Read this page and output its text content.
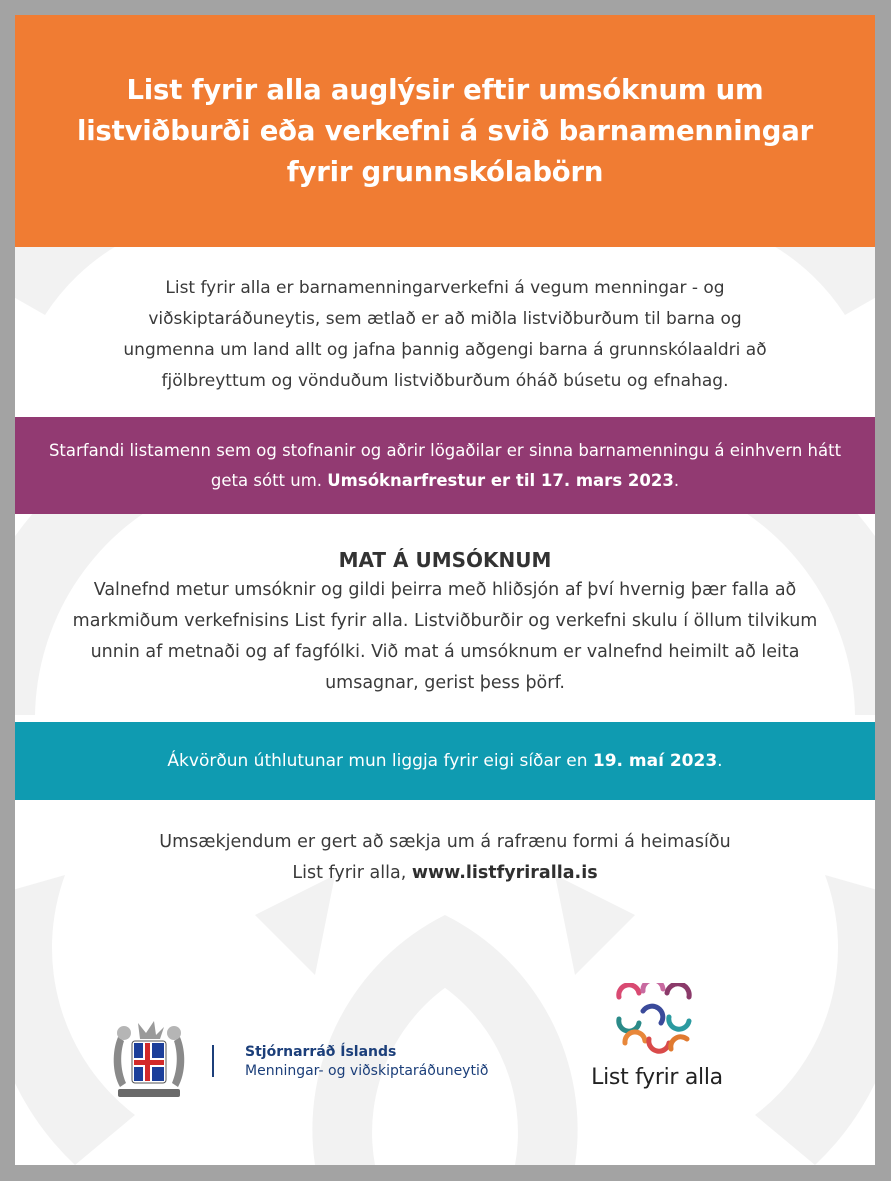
List fyrir alla auglýsir eftir umsóknum um listviðburði eða verkefni á svið barnamenningar fyrir grunnskólabörn
List fyrir alla er barnamenningarverkefni á vegum menningar - og viðskiptaráðuneytis, sem ætlað er að miðla listviðburðum til barna og ungmenna um land allt og jafna þannig aðgengi barna á grunnskólaaldri að fjölbreyttum og vönduðum listviðburðum óháð búsetu og efnahag.

Starfandi listamenn sem og stofnanir og aðrir lögaðilar er sinna barnamenningu á einhvern hátt geta sótt um. Umsóknarfrestur er til 17. mars 2023.

MAT Á UMSÓKNUM

Valnefnd metur umsóknir og gildi þeirra með hliðsjón af því hvernig þær falla að markmiðum verkefnisins List fyrir alla. Listviðburðir og verkefni skulu í öllum tilvikum unnin af metnaði og af fagfólki. Við mat á umsóknum er valnefnd heimilt að leita umsagnar, gerist þess þörf.

Ákvörðun úthlutunar mun liggja fyrir eigi síðar en 19. maí 2023.

Umsækjendum er gert að sækja um á rafrænu formi á heimasíðu

List fyrir alla, www.listfyriralla.is

Stjórnarráð Íslands
Menningar- og viðskiptaráðuneytið	List fyrir alla
